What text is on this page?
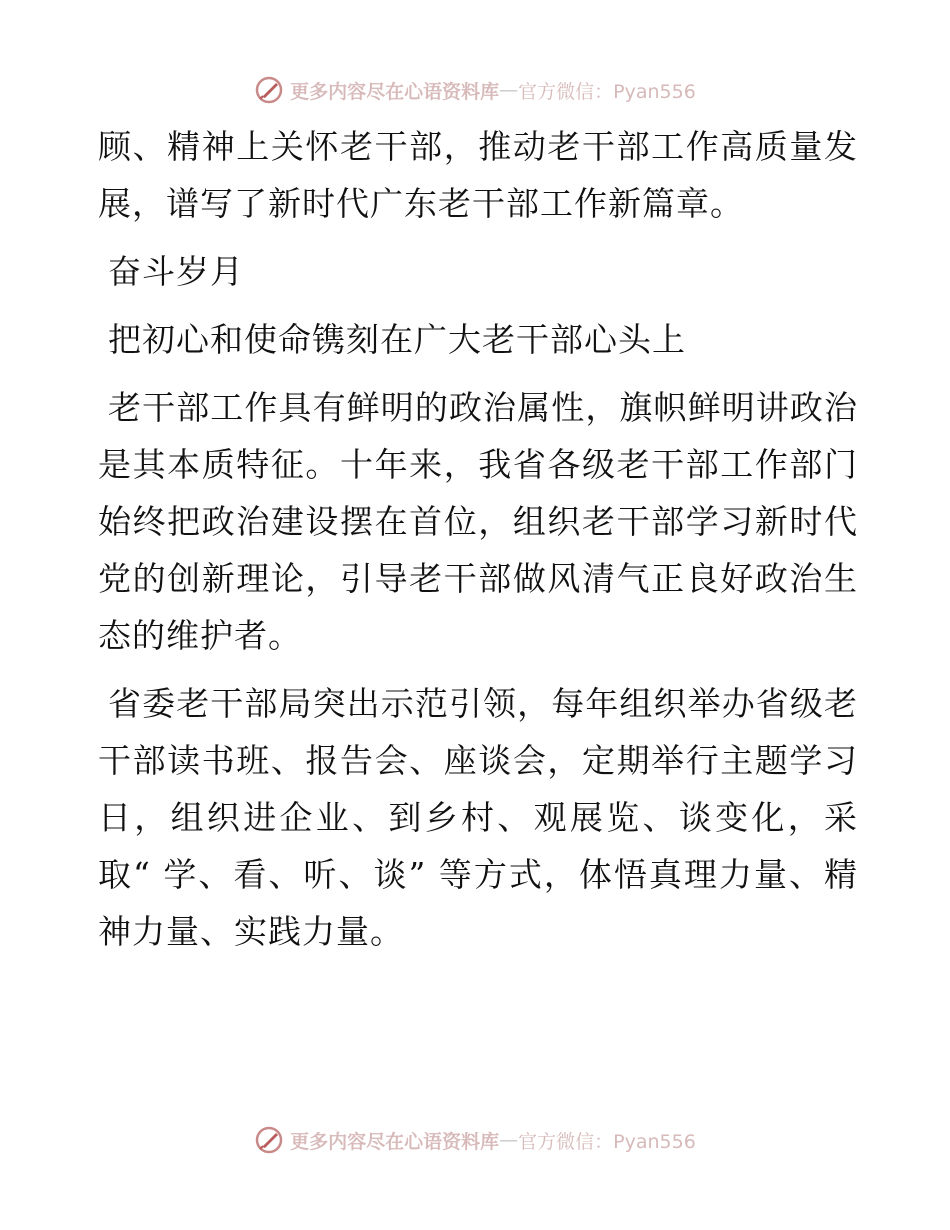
更多内容尽在心语资料库 — 官方微信：Pyan556

顾、精神上关怀老干部，推动老干部工作高质量发展，谱写了新时代广东老干部工作新篇章。

奋斗岁月

把初心和使命镌刻在广大老干部心头上

老干部工作具有鲜明的政治属性，旗帜鲜明讲政治是其本质特征。十年来，我省各级老干部工作部门始终把政治建设摆在首位，组织老干部学习新时代党的创新理论，引导老干部做风清气正良好政治生态的维护者。

省委老干部局突出示范引领，每年组织举办省级老干部读书班、报告会、座谈会，定期举行主题学习日，组织进企业、到乡村、观展览、谈变化，采取“ 学、看、听、谈” 等方式，体悟真理力量、精神力量、实践力量。

更多内容尽在心语资料库 — 官方微信：Pyan556
